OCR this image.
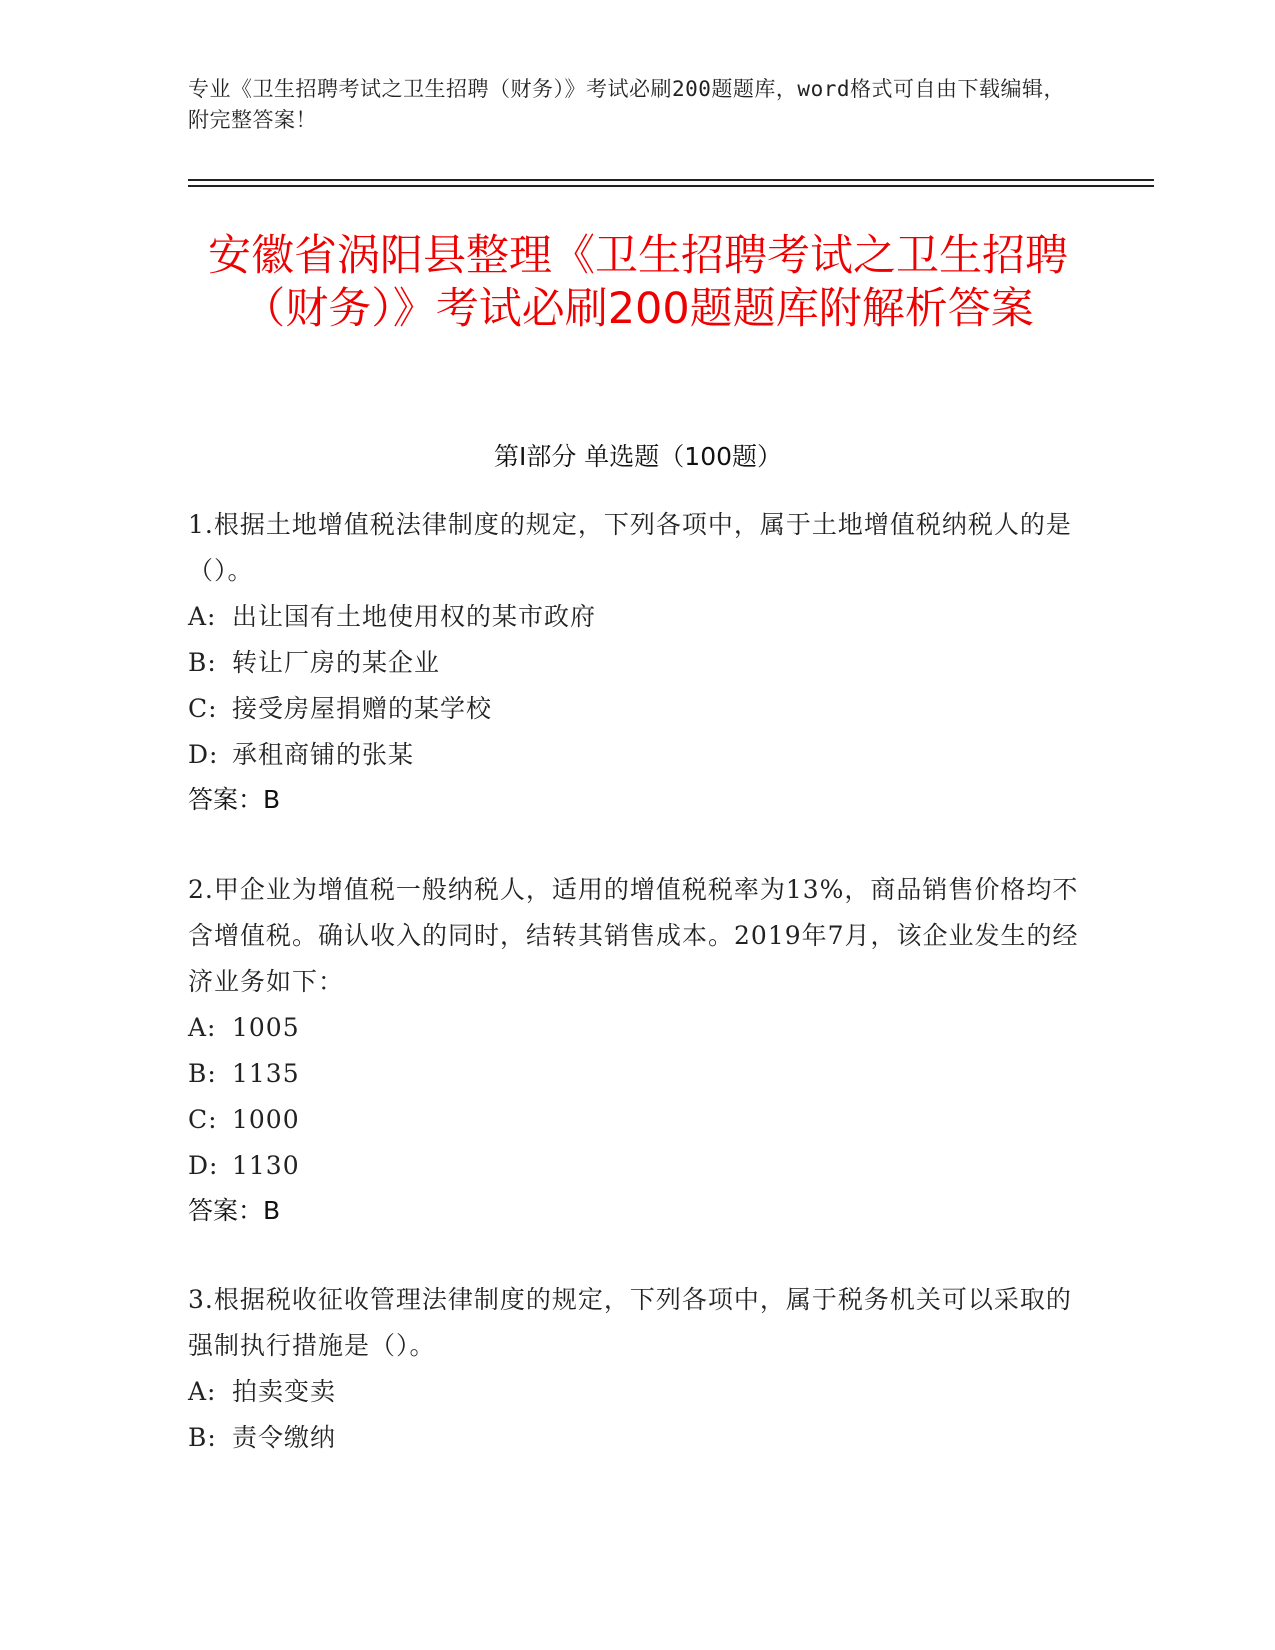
专业《卫生招聘考试之卫生招聘（财务）》考试必刷200题题库，word格式可自由下载编辑，附完整答案！
安徽省涡阳县整理《卫生招聘考试之卫生招聘（财务）》考试必刷200题题库附解析答案
第Ⅰ部分 单选题（100题）
1.根据土地增值税法律制度的规定，下列各项中，属于土地增值税纳税人的是（）。
A: 出让国有土地使用权的某市政府
B: 转让厂房的某企业
C: 接受房屋捐赠的某学校
D: 承租商铺的张某
答案：B
2.甲企业为增值税一般纳税人，适用的增值税税率为13%，商品销售价格均不含增值税。确认收入的同时，结转其销售成本。2019年7月，该企业发生的经济业务如下：
A: 1005
B: 1135
C: 1000
D: 1130
答案：B
3.根据税收征收管理法律制度的规定，下列各项中，属于税务机关可以采取的强制执行措施是（）。
A: 拍卖变卖
B: 责令缴纳
